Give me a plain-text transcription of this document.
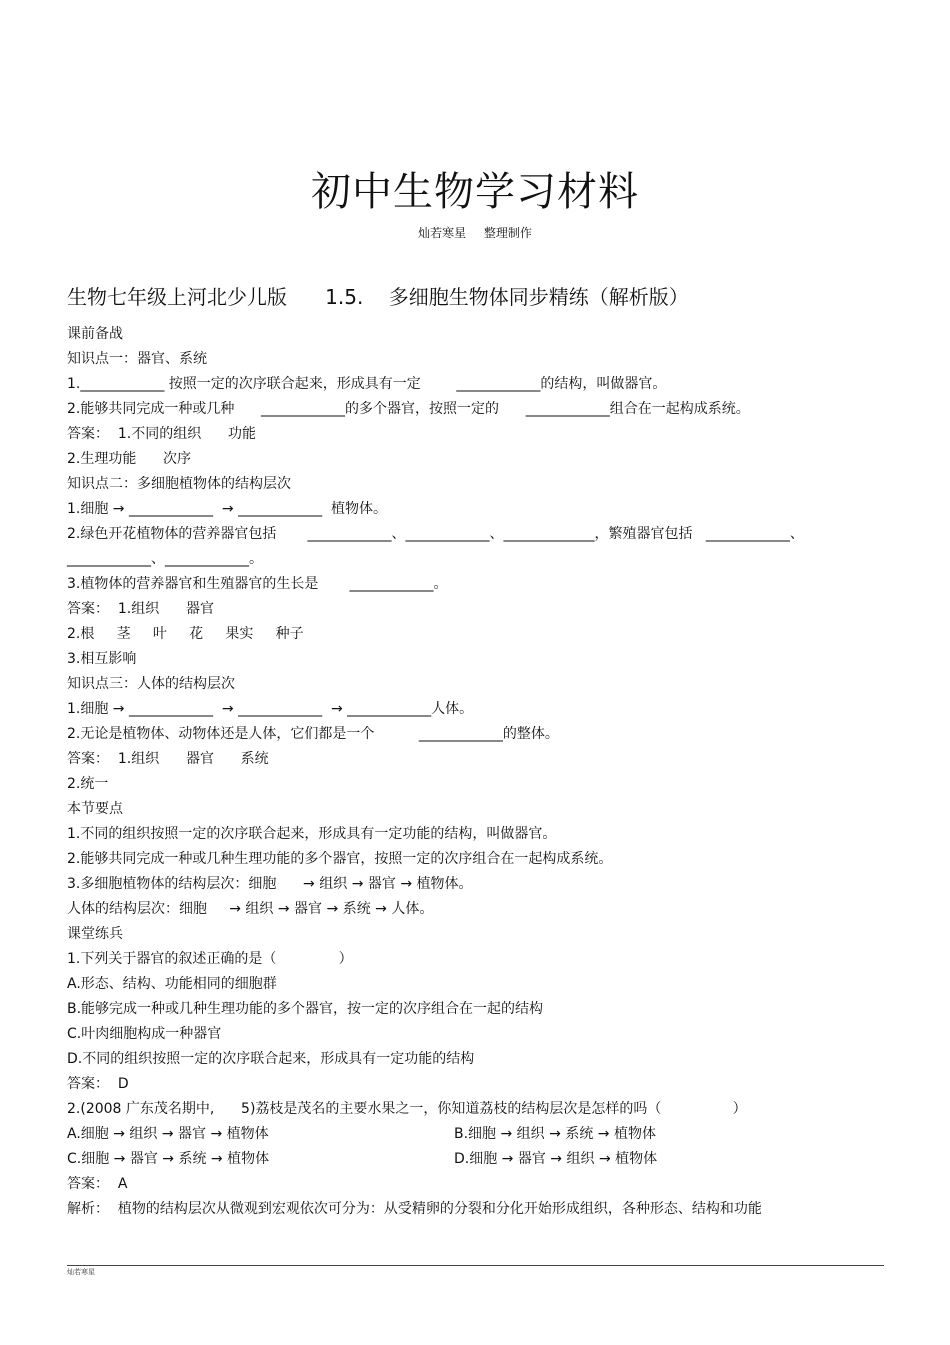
初中生物学习材料
灿若寒星 整理制作
生物七年级上河北少儿版      1.5.    多细胞生物体同步精练（解析版）
课前备战
知识点一：器官、系统
1.____________ 按照一定的次序联合起来，形成具有一定        ____________的结构，叫做器官。
2.能够共同完成一种或几种      ____________的多个器官，按照一定的      ____________组合在一起构成系统。
答案：  1.不同的组织      功能
2.生理功能      次序
知识点二：多细胞植物体的结构层次
1.细胞 → ____________  → ____________  植物体。
2.绿色开花植物体的营养器官包括       ____________、____________、_____________，繁殖器官包括   ____________、
____________、____________。
3.植物体的营养器官和生殖器官的生长是       ____________。
答案：  1.组织      器官
2.根     茎     叶     花     果实     种子
3.相互影响
知识点三：人体的结构层次
1.细胞 → ____________  → ____________  → ____________人体。
2.无论是植物体、动物体还是人体，它们都是一个          ____________的整体。
答案：  1.组织      器官      系统
2.统一
本节要点
1.不同的组织按照一定的次序联合起来，形成具有一定功能的结构，叫做器官。
2.能够共同完成一种或几种生理功能的多个器官，按照一定的次序组合在一起构成系统。
3.多细胞植物体的结构层次：细胞      → 组织 → 器官 → 植物体。
人体的结构层次：细胞     → 组织 → 器官 → 系统 → 人体。
课堂练兵
1.下列关于器官的叙述正确的是（              ）
A.形态、结构、功能相同的细胞群
B.能够完成一种或几种生理功能的多个器官，按一定的次序组合在一起的结构
C.叶肉细胞构成一种器官
D.不同的组织按照一定的次序联合起来，形成具有一定功能的结构
答案：  D
2.(2008 广东茂名期中,      5)荔枝是茂名的主要水果之一，你知道荔枝的结构层次是怎样的吗（                ）
A.细胞 → 组织 → 器官 → 植物体	B.细胞 → 组织 → 系统 → 植物体
C.细胞 → 器官 → 系统 → 植物体	D.细胞 → 器官 → 组织 → 植物体
答案：  A
解析：  植物的结构层次从微观到宏观依次可分为：从受精卵的分裂和分化开始形成组织，各种形态、结构和功能
灿若寒星
